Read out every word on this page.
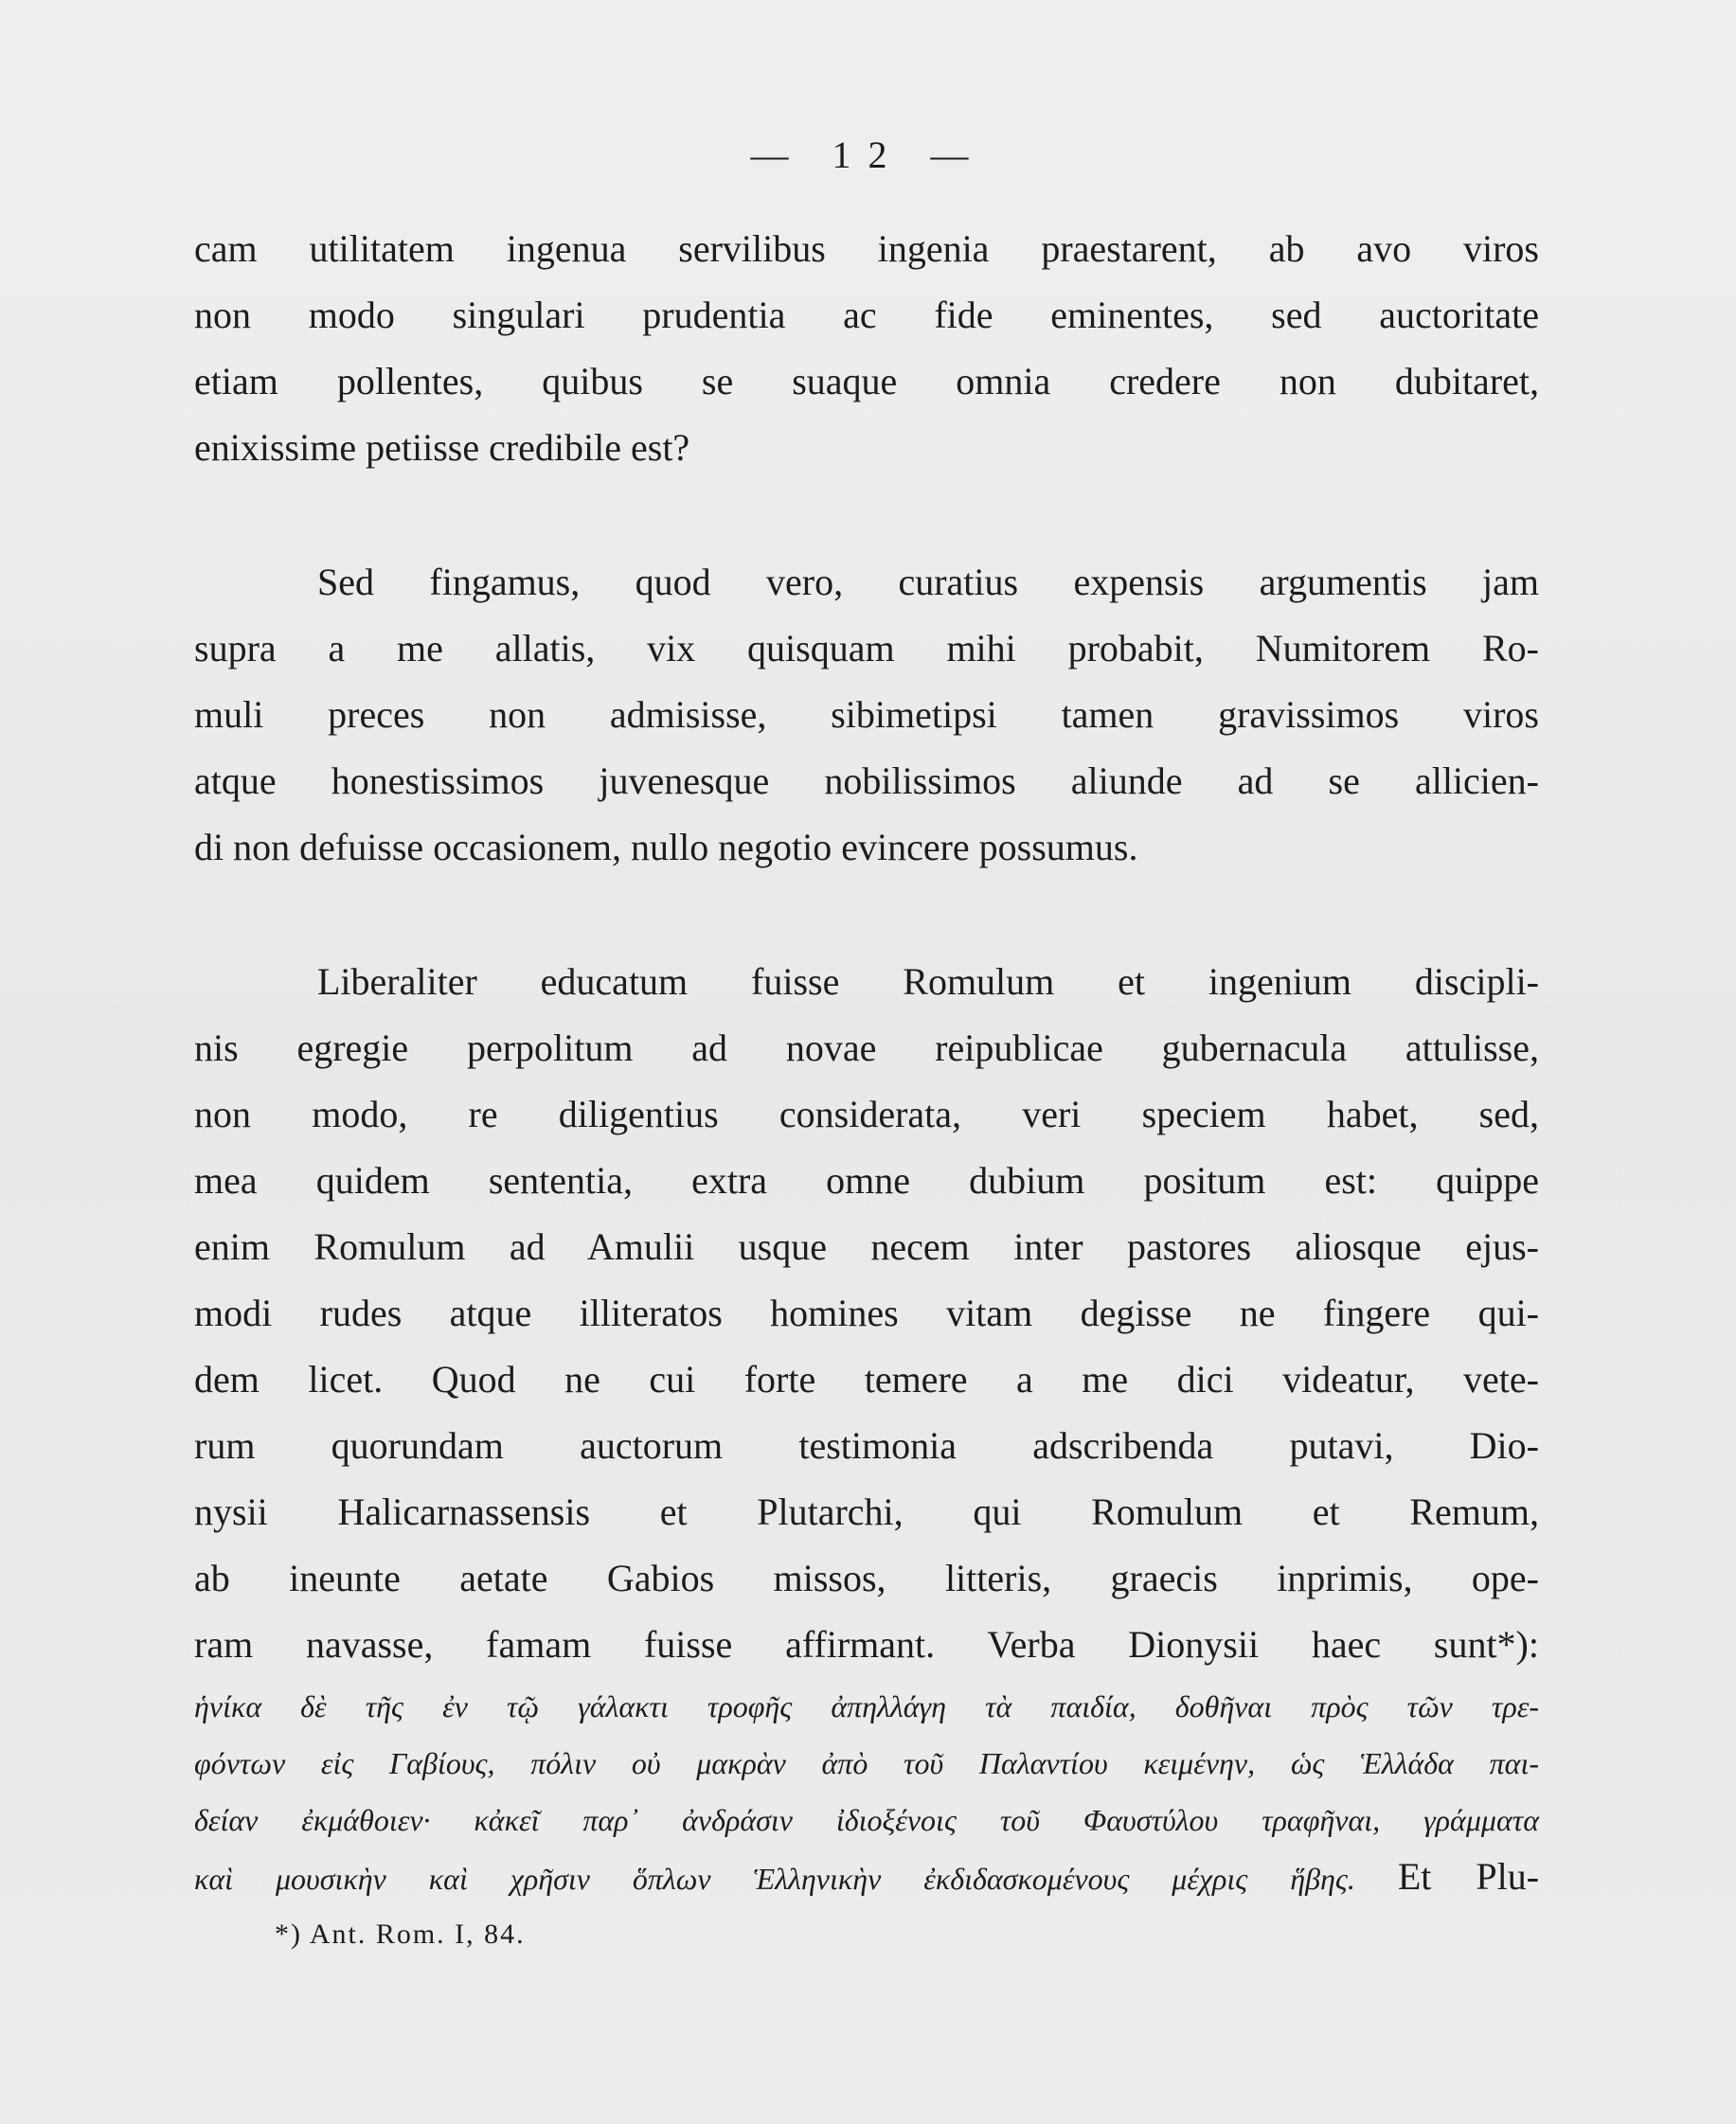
— 12 —
cam utilitatem ingenua servilibus ingenia praestarent, ab avo viros
non modo singulari prudentia ac fide eminentes, sed auctoritate
etiam pollentes, quibus se suaque omnia credere non dubitaret,
enixissime petiisse credibile est?
Sed fingamus, quod vero, curatius expensis argumentis jam
supra a me allatis, vix quisquam mihi probabit, Numitorem Ro-
muli preces non admisisse, sibimetipsi tamen gravissimos viros
atque honestissimos juvenesque nobilissimos aliunde ad se allicien-
di non defuisse occasionem, nullo negotio evincere possumus.
Liberaliter educatum fuisse Romulum et ingenium discipli-
nis egregie perpolitum ad novae reipublicae gubernacula attulisse,
non modo, re diligentius considerata, veri speciem habet, sed,
mea quidem sententia, extra omne dubium positum est: quippe
enim Romulum ad Amulii usque necem inter pastores aliosque ejus-
modi rudes atque illiteratos homines vitam degisse ne fingere qui-
dem licet. Quod ne cui forte temere a me dici videatur, vete-
rum quorundam auctorum testimonia adscribenda putavi, Dio-
nysii Halicarnassensis et Plutarchi, qui Romulum et Remum,
ab ineunte aetate Gabios missos, litteris, graecis inprimis, ope-
ram navasse, famam fuisse affirmant. Verba Dionysii haec sunt*):
ἡνίκα δὲ τῆς ἐν τῷ γάλακτι τροφῆς ἀπηλλάγη τὰ παιδία, δοθῆναι πρὸς τῶν τρε-
φόντων εἰς Γαβίους, πόλιν οὐ μακρὰν ἀπὸ τοῦ Παλαντίου κειμένην, ὡς Ἑλλάδα παι-
δείαν ἐκμάθοιεν· κἀκεῖ παρ᾽ ἀνδράσιν ἰδιοξένοις τοῦ Φαυστύλου τραφῆναι, γράμματα
καὶ μουσικὴν καὶ χρῆσιν ὅπλων Ἑλληνικὴν ἐκδιδασκομένους μέχρις ἥβης. Et Plu-
*) Ant. Rom. I, 84.
